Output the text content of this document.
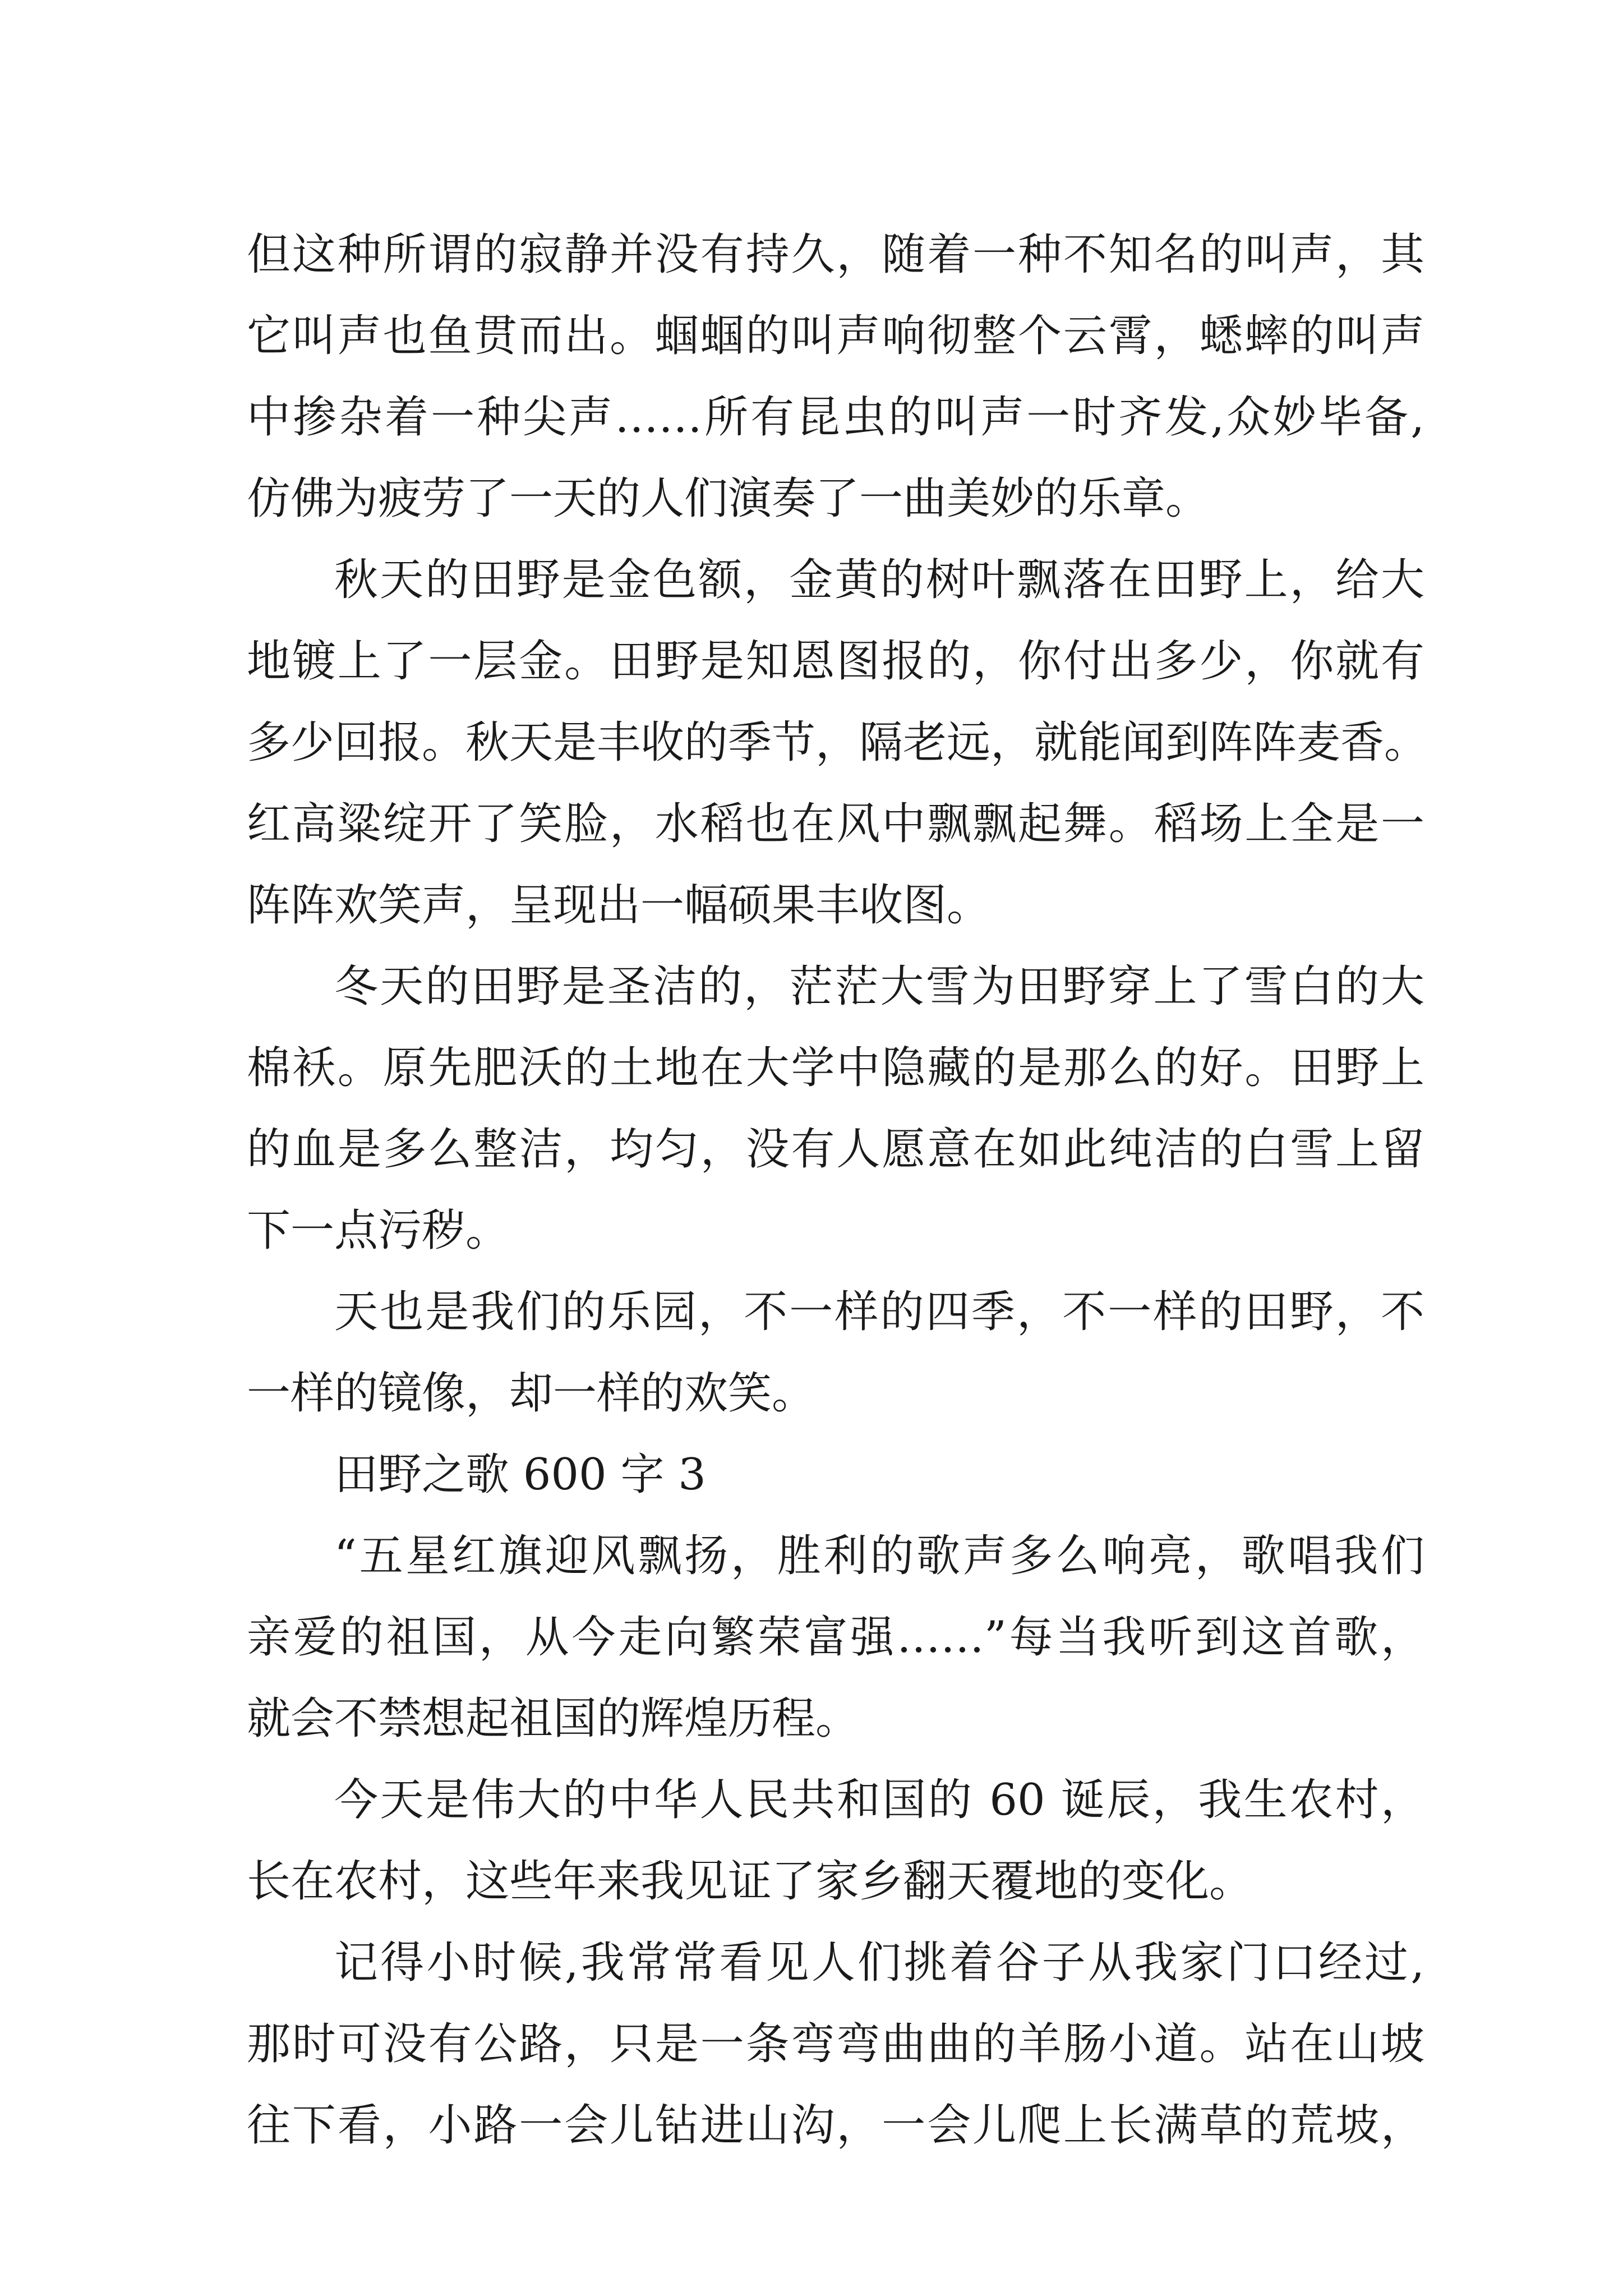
但这种所谓的寂静并没有持久，随着一种不知名的叫声，其
它叫声也鱼贯而出。蝈蝈的叫声响彻整个云霄，蟋蟀的叫声
中掺杂着一种尖声……所有昆虫的叫声一时齐发,众妙毕备,
仿佛为疲劳了一天的人们演奏了一曲美妙的乐章。
秋天的田野是金色额，金黄的树叶飘落在田野上，给大
地镀上了一层金。田野是知恩图报的，你付出多少，你就有
多少回报。秋天是丰收的季节，隔老远，就能闻到阵阵麦香。
红高粱绽开了笑脸，水稻也在风中飘飘起舞。稻场上全是一
阵阵欢笑声，呈现出一幅硕果丰收图。
冬天的田野是圣洁的，茫茫大雪为田野穿上了雪白的大
棉袄。原先肥沃的土地在大学中隐藏的是那么的好。田野上
的血是多么整洁，均匀，没有人愿意在如此纯洁的白雪上留
下一点污秽。
天也是我们的乐园，不一样的四季，不一样的田野，不
一样的镜像，却一样的欢笑。
田野之歌 600 字 3
“五星红旗迎风飘扬，胜利的歌声多么响亮，歌唱我们
亲爱的祖国，从今走向繁荣富强……”每当我听到这首歌，
就会不禁想起祖国的辉煌历程。
今天是伟大的中华人民共和国的 60 诞辰，我生农村，
长在农村，这些年来我见证了家乡翻天覆地的变化。
记得小时候,我常常看见人们挑着谷子从我家门口经过,
那时可没有公路，只是一条弯弯曲曲的羊肠小道。站在山坡
往下看，小路一会儿钻进山沟，一会儿爬上长满草的荒坡，
